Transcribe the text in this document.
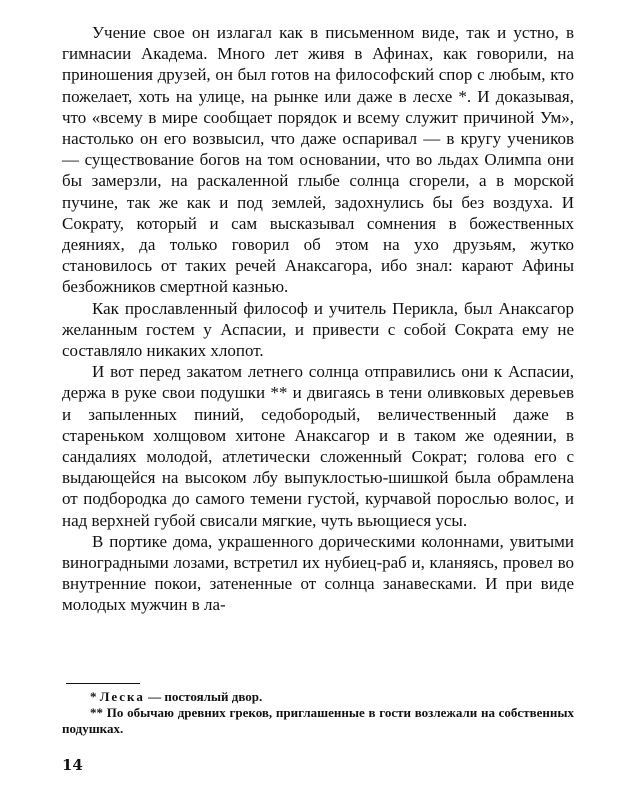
Учение свое он излагал как в письменном виде, так и устно, в гимнасии Академа. Много лет живя в Афинах, как говорили, на приношения друзей, он был готов на философский спор с любым, кто пожелает, хоть на улице, на рынке или даже в лесхе *. И доказывая, что «всему в мире сообщает порядок и всему служит причиной Ум», настолько он его возвысил, что даже оспаривал — в кругу учеников — существование богов на том основании, что во льдах Олимпа они бы замерзли, на раскаленной глыбе солнца сгорели, а в морской пучине, так же как и под землей, задохнулись бы без воздуха. И Сократу, который и сам высказывал сомнения в божественных деяниях, да только говорил об этом на ухо друзьям, жутко становилось от таких речей Анаксагора, ибо знал: карают Афины безбожников смертной казнью.

Как прославленный философ и учитель Перикла, был Анаксагор желанным гостем у Аспасии, и привести с собой Сократа ему не составляло никаких хлопот.

И вот перед закатом летнего солнца отправились они к Аспасии, держа в руке свои подушки ** и двигаясь в тени оливковых деревьев и запыленных пиний, седобородый, величественный даже в стареньком холщовом хитоне Анаксагор и в таком же одеянии, в сандалиях молодой, атлетически сложенный Сократ; голова его с выдающейся на высоком лбу выпуклостью-шишкой была обрамлена от подбородка до самого темени густой, курчавой порослью волос, и над верхней губой свисали мягкие, чуть вьющиеся усы.

В портике дома, украшенного дорическими колоннами, увитыми виноградными лозами, встретил их нубиец-раб и, кланяясь, провел во внутренние покои, затененные от солнца занавесками. И при виде молодых мужчин в ла-

* Леска — постоялый двор.

** По обычаю древних греков, приглашенные в гости возлежали на собственных подушках.

14
